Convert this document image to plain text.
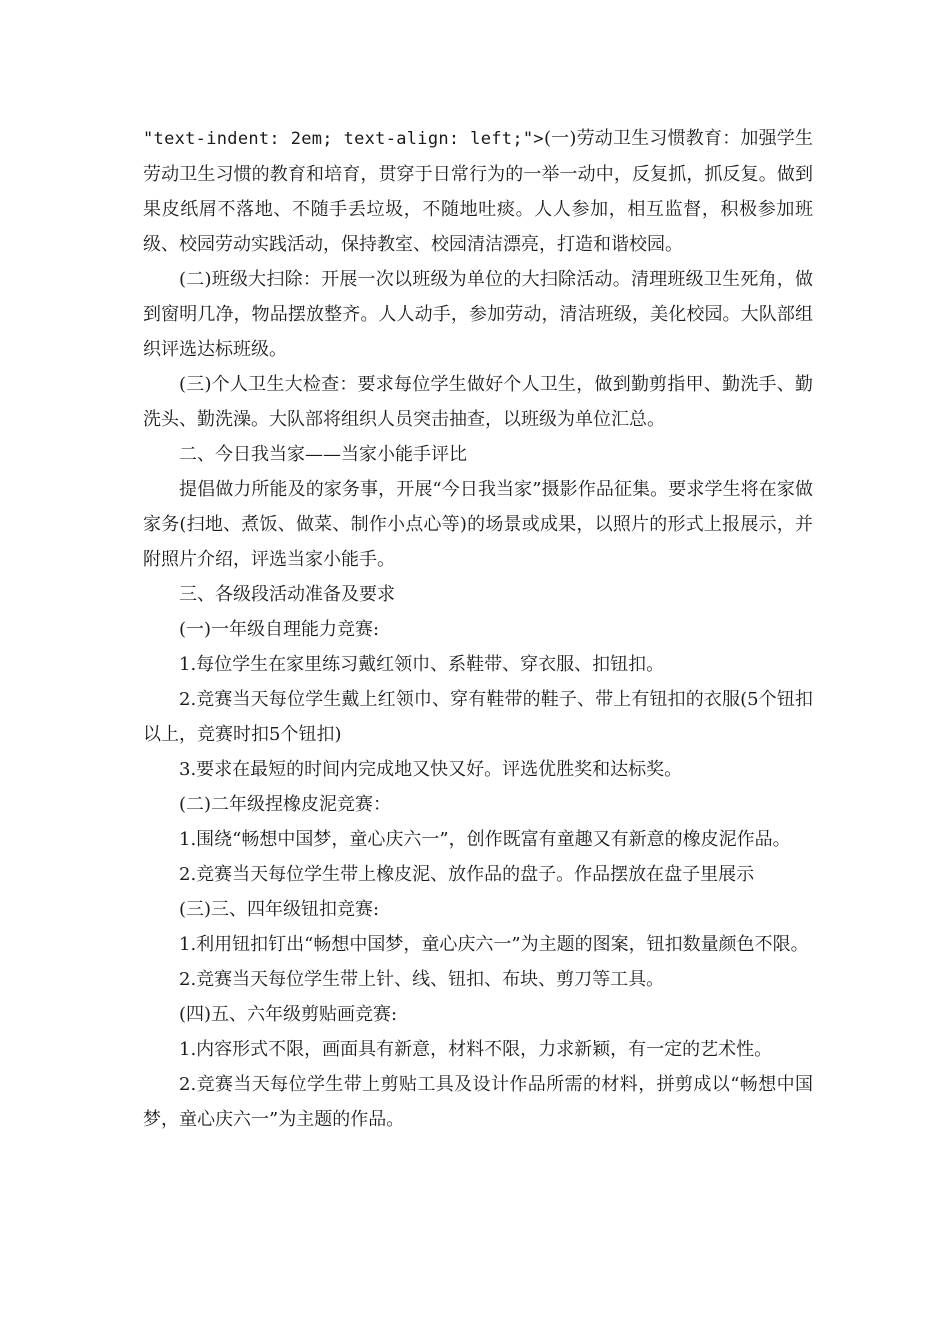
"text-indent: 2em; text-align: left;">(一)劳动卫生习惯教育：加强学生劳动卫生习惯的教育和培育，贯穿于日常行为的一举一动中，反复抓，抓反复。做到果皮纸屑不落地、不随手丢垃圾，不随地吐痰。人人参加，相互监督，积极参加班级、校园劳动实践活动，保持教室、校园清洁漂亮，打造和谐校园。

(二)班级大扫除：开展一次以班级为单位的大扫除活动。清理班级卫生死角，做到窗明几净，物品摆放整齐。人人动手，参加劳动，清洁班级，美化校园。大队部组织评选达标班级。

(三)个人卫生大检查：要求每位学生做好个人卫生，做到勤剪指甲、勤洗手、勤洗头、勤洗澡。大队部将组织人员突击抽查，以班级为单位汇总。

二、今日我当家——当家小能手评比

提倡做力所能及的家务事，开展“今日我当家”摄影作品征集。要求学生将在家做家务(扫地、煮饭、做菜、制作小点心等)的场景或成果，以照片的形式上报展示，并附照片介绍，评选当家小能手。

三、各级段活动准备及要求

(一)一年级自理能力竞赛:

1.每位学生在家里练习戴红领巾、系鞋带、穿衣服、扣钮扣。

2.竞赛当天每位学生戴上红领巾、穿有鞋带的鞋子、带上有钮扣的衣服(5个钮扣以上，竞赛时扣5个钮扣)

3.要求在最短的时间内完成地又快又好。评选优胜奖和达标奖。

(二)二年级捏橡皮泥竞赛：

1.围绕“畅想中国梦，童心庆六一”，创作既富有童趣又有新意的橡皮泥作品。

2.竞赛当天每位学生带上橡皮泥、放作品的盘子。作品摆放在盘子里展示

(三)三、四年级钮扣竞赛:

1.利用钮扣钉出“畅想中国梦，童心庆六一”为主题的图案，钮扣数量颜色不限。

2.竞赛当天每位学生带上针、线、钮扣、布块、剪刀等工具。

(四)五、六年级剪贴画竞赛:

1.内容形式不限，画面具有新意，材料不限，力求新颖，有一定的艺术性。

2.竞赛当天每位学生带上剪贴工具及设计作品所需的材料，拼剪成以“畅想中国梦，童心庆六一”为主题的作品。
